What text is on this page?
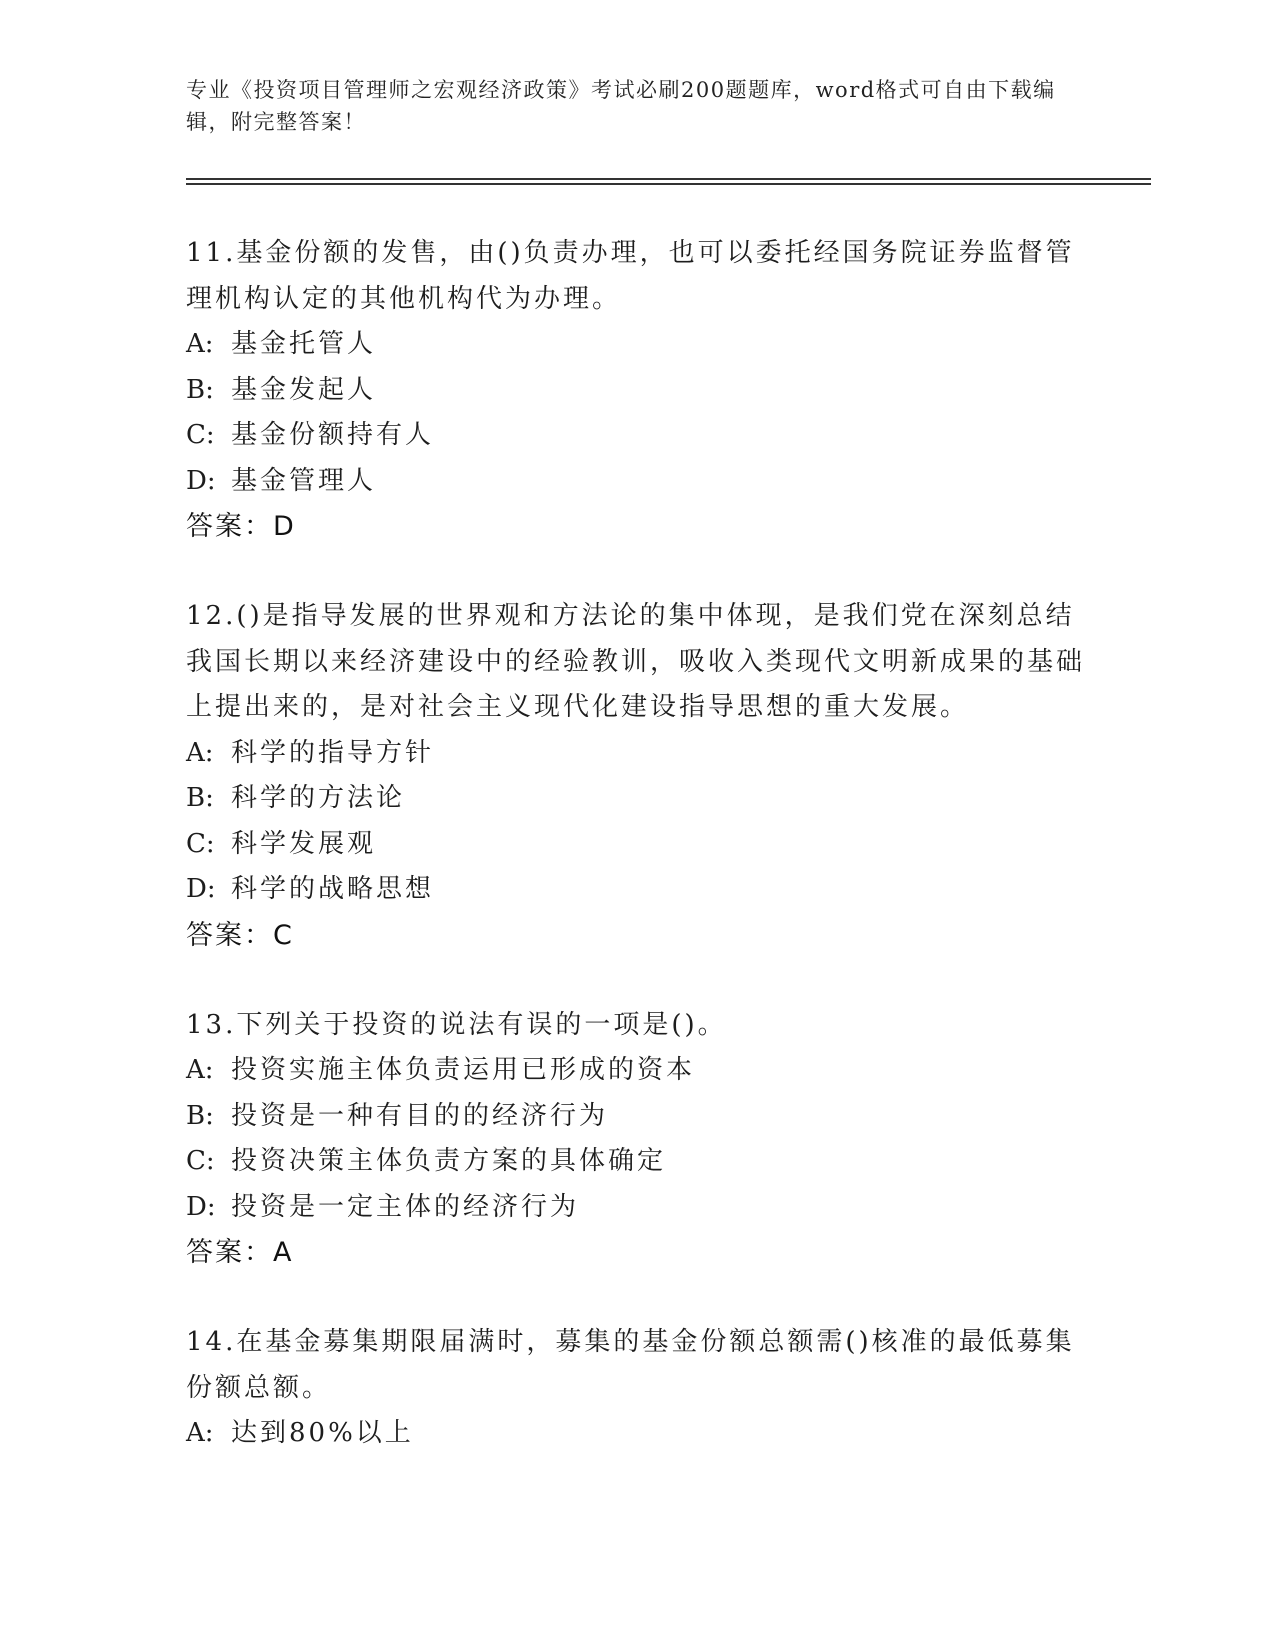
专业《投资项目管理师之宏观经济政策》考试必刷200题题库，word格式可自由下载编辑，附完整答案！
11.基金份额的发售，由()负责办理，也可以委托经国务院证券监督管理机构认定的其他机构代为办理。
A: 基金托管人
B: 基金发起人
C: 基金份额持有人
D: 基金管理人
答案：D
12.()是指导发展的世界观和方法论的集中体现，是我们党在深刻总结我国长期以来经济建设中的经验教训，吸收入类现代文明新成果的基础上提出来的，是对社会主义现代化建设指导思想的重大发展。
A: 科学的指导方针
B: 科学的方法论
C: 科学发展观
D: 科学的战略思想
答案：C
13.下列关于投资的说法有误的一项是()。
A: 投资实施主体负责运用已形成的资本
B: 投资是一种有目的的经济行为
C: 投资决策主体负责方案的具体确定
D: 投资是一定主体的经济行为
答案：A
14.在基金募集期限届满时，募集的基金份额总额需()核准的最低募集份额总额。
A: 达到80%以上
